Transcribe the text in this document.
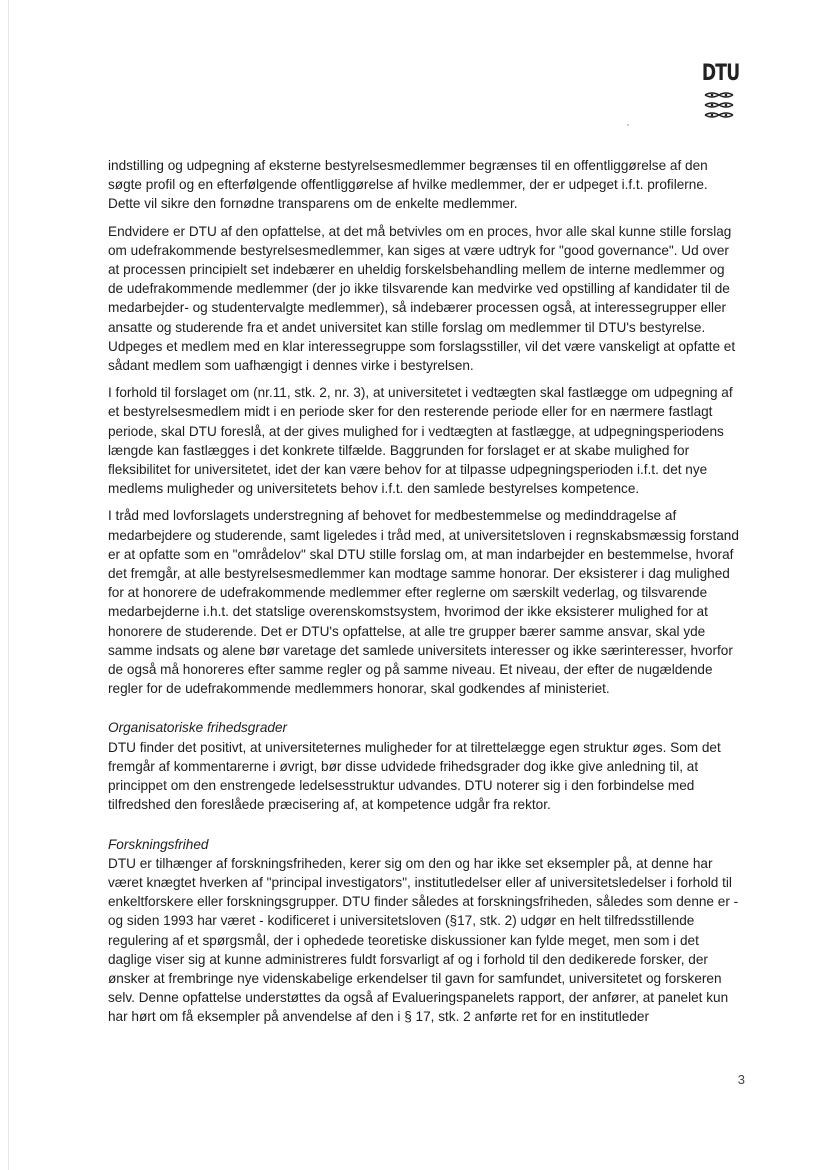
DTU

indstilling og udpegning af eksterne bestyrelsesmedlemmer begrænses til en offentliggørelse af den søgte profil og en efterfølgende offentliggørelse af hvilke medlemmer, der er udpeget i.f.t. profilerne. Dette vil sikre den fornødne transparens om de enkelte medlemmer.

Endvidere er DTU af den opfattelse, at det må betvivles om en proces, hvor alle skal kunne stille forslag om udefrakommende bestyrelsesmedlemmer, kan siges at være udtryk for "good governance". Ud over at processen principielt set indebærer en uheldig forskelsbehandling mellem de interne medlemmer og de udefrakommende medlemmer (der jo ikke tilsvarende kan medvirke ved opstilling af kandidater til de medarbejder- og studentervalgte medlemmer), så indebærer processen også, at interessegrupper eller ansatte og studerende fra et andet universitet kan stille forslag om medlemmer til DTU's bestyrelse. Udpeges et medlem med en klar interessegruppe som forslagsstiller, vil det være vanskeligt at opfatte et sådant medlem som uafhængigt i dennes virke i bestyrelsen.

I forhold til forslaget om (nr.11, stk. 2, nr. 3), at universitetet i vedtægten skal fastlægge om udpegning af et bestyrelsesmedlem midt i en periode sker for den resterende periode eller for en nærmere fastlagt periode, skal DTU foreslå, at der gives mulighed for i vedtægten at fastlægge, at udpegningsperiodens længde kan fastlægges i det konkrete tilfælde. Baggrunden for forslaget er at skabe mulighed for fleksibilitet for universitetet, idet der kan være behov for at tilpasse udpegningsperioden i.f.t. det nye medlems muligheder og universitetets behov i.f.t. den samlede bestyrelses kompetence.

I tråd med lovforslagets understregning af behovet for medbestemmelse og medinddragelse af medarbejdere og studerende, samt ligeledes i tråd med, at universitetsloven i regnskabsmæssig forstand er at opfatte som en "områdelov" skal DTU stille forslag om, at man indarbejder en bestemmelse, hvoraf det fremgår, at alle bestyrelsesmedlemmer kan modtage samme honorar. Der eksisterer i dag mulighed for at honorere de udefrakommende medlemmer efter reglerne om særskilt vederlag, og tilsvarende medarbejderne i.h.t. det statslige overenskomstsystem, hvorimod der ikke eksisterer mulighed for at honorere de studerende. Det er DTU's opfattelse, at alle tre grupper bærer samme ansvar, skal yde samme indsats og alene bør varetage det samlede universitets interesser og ikke særinteresser, hvorfor de også må honoreres efter samme regler og på samme niveau. Et niveau, der efter de nugældende regler for de udefrakommende medlemmers honorar, skal godkendes af ministeriet.

Organisatoriske frihedsgrader

DTU finder det positivt, at universiteternes muligheder for at tilrettelægge egen struktur øges. Som det fremgår af kommentarerne i øvrigt, bør disse udvidede frihedsgrader dog ikke give anledning til, at princippet om den enstrengede ledelsesstruktur udvandes. DTU noterer sig i den forbindelse med tilfredshed den foreslåede præcisering af, at kompetence udgår fra rektor.

Forskningsfrihed

DTU er tilhænger af forskningsfriheden, kerer sig om den og har ikke set eksempler på, at denne har været knægtet hverken af "principal investigators", institutledelser eller af universitetsledelser i forhold til enkeltforskere eller forskningsgrupper. DTU finder således at forskningsfriheden, således som denne er - og siden 1993 har været - kodificeret i universitetsloven (§17, stk. 2) udgør en helt tilfredsstillende regulering af et spørgsmål, der i ophedede teoretiske diskussioner kan fylde meget, men som i det daglige viser sig at kunne administreres fuldt forsvarligt af og i forhold til den dedikerede forsker, der ønsker at frembringe nye videnskabelige erkendelser til gavn for samfundet, universitetet og forskeren selv. Denne opfattelse understøttes da også af Evalueringspanelets rapport, der anfører, at panelet kun har hørt om få eksempler på anvendelse af den i § 17, stk. 2 anførte ret for en institutleder

3
